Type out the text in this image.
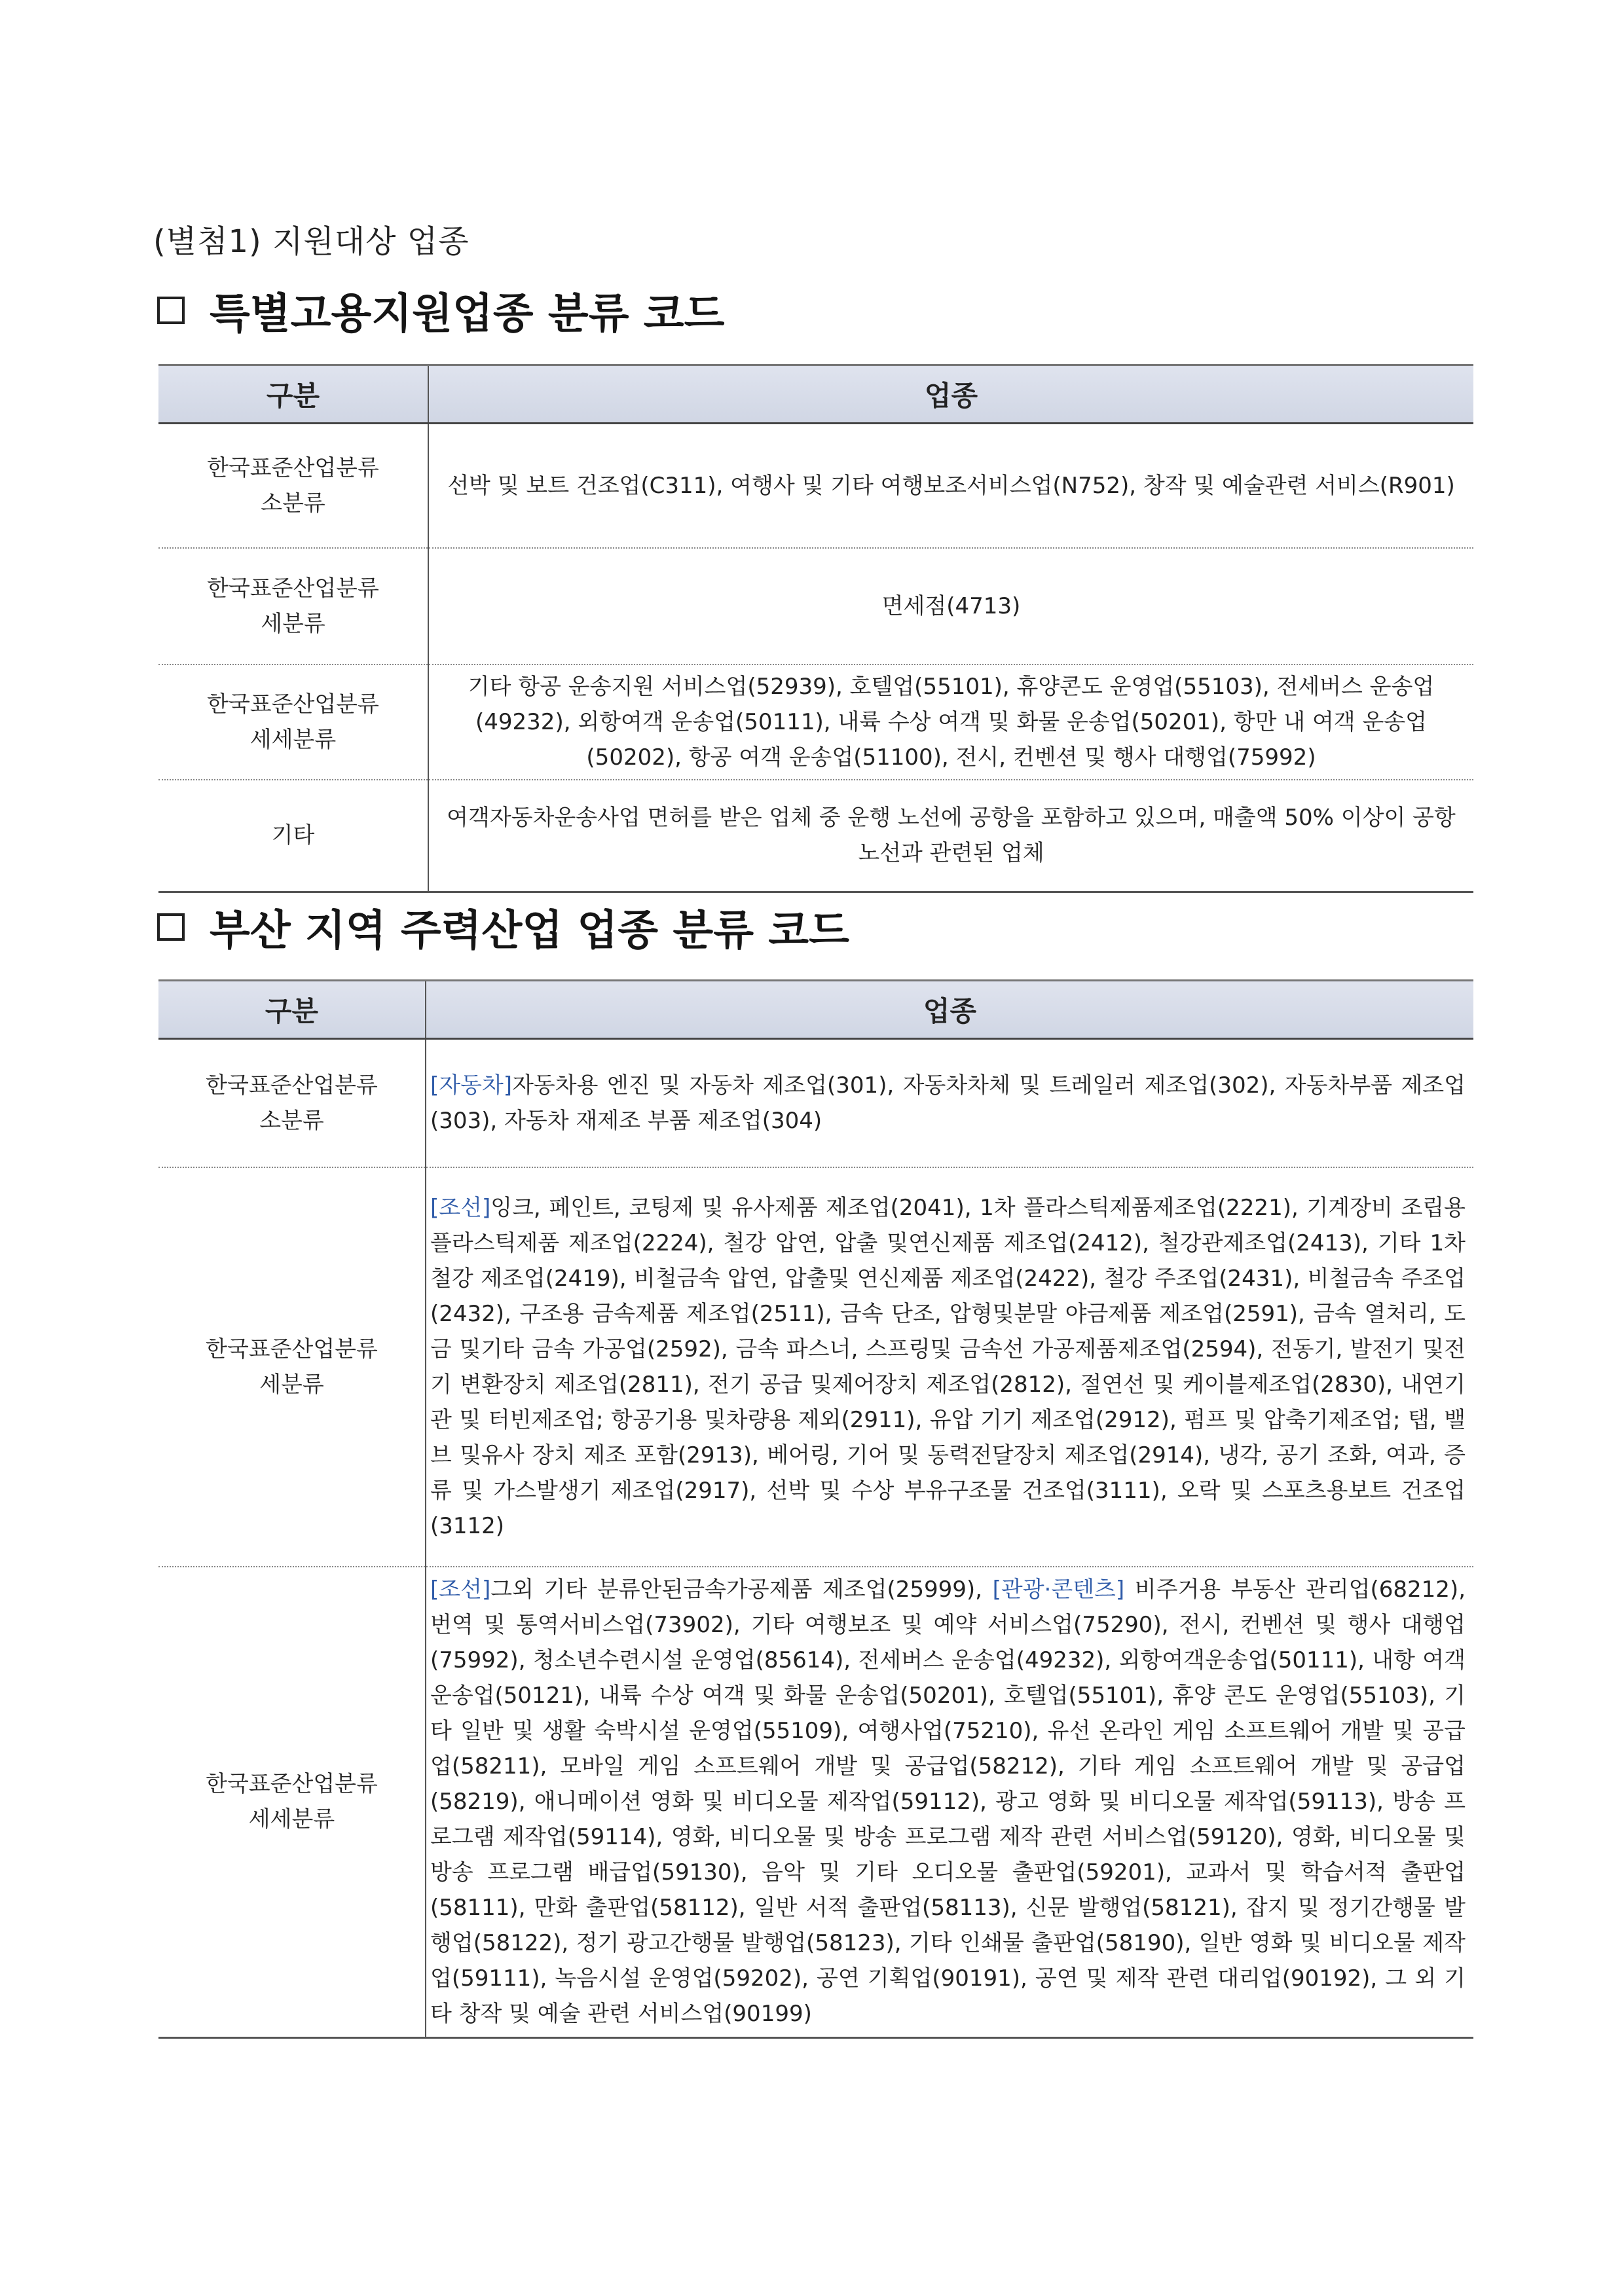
(별첨1) 지원대상 업종
특별고용지원업종 분류 코드
구분	업종
한국표준산업분류
소분류	선박 및 보트 건조업(C311), 여행사 및 기타 여행보조서비스업(N752), 창작 및 예술관련 서비스(R901)
한국표준산업분류
세분류	면세점(4713)
한국표준산업분류
세세분류	기타 항공 운송지원 서비스업(52939), 호텔업(55101), 휴양콘도 운영업(55103), 전세버스 운송업(49232), 외항여객 운송업(50111), 내륙 수상 여객 및 화물 운송업(50201), 항만 내 여객 운송업(50202), 항공 여객 운송업(51100), 전시, 컨벤션 및 행사 대행업(75992)
기타	여객자동차운송사업 면허를 받은 업체 중 운행 노선에 공항을 포함하고 있으며, 매출액 50% 이상이 공항 노선과 관련된 업체
부산 지역 주력산업 업종 분류 코드
구분	업종
한국표준산업분류
소분류	[자동차]자동차용 엔진 및 자동차 제조업(301), 자동차차체 및 트레일러 제조업(302), 자동차부품 제조업(303), 자동차 재제조 부품 제조업(304)
한국표준산업분류
세분류	[조선]잉크, 페인트, 코팅제 및 유사제품 제조업(2041), 1차 플라스틱제품제조업(2221), 기계장비 조립용플라스틱제품 제조업(2224), 철강 압연, 압출 및연신제품 제조업(2412), 철강관제조업(2413), 기타 1차 철강 제조업(2419), 비철금속 압연, 압출및 연신제품 제조업(2422), 철강 주조업(2431), 비철금속 주조업(2432), 구조용 금속제품 제조업(2511), 금속 단조, 압형및분말 야금제품 제조업(2591), 금속 열처리, 도금 및기타 금속 가공업(2592), 금속 파스너, 스프링및 금속선 가공제품제조업(2594), 전동기, 발전기 및전기 변환장치 제조업(2811), 전기 공급 및제어장치 제조업(2812), 절연선 및 케이블제조업(2830), 내연기관 및 터빈제조업; 항공기용 및차량용 제외(2911), 유압 기기 제조업(2912), 펌프 및 압축기제조업; 탭, 밸브 및유사 장치 제조 포함(2913), 베어링, 기어 및 동력전달장치 제조업(2914), 냉각, 공기 조화, 여과, 증류 및 가스발생기 제조업(2917), 선박 및 수상 부유구조물 건조업(3111), 오락 및 스포츠용보트 건조업(3112)
한국표준산업분류
세세분류	[조선]그외 기타 분류안된금속가공제품 제조업(25999), [관광·콘텐츠] 비주거용 부동산 관리업(68212), 번역 및 통역서비스업(73902), 기타 여행보조 및 예약 서비스업(75290), 전시, 컨벤션 및 행사 대행업(75992), 청소년수련시설 운영업(85614), 전세버스 운송업(49232), 외항여객운송업(50111), 내항 여객 운송업(50121), 내륙 수상 여객 및 화물 운송업(50201), 호텔업(55101), 휴양 콘도 운영업(55103), 기타 일반 및 생활 숙박시설 운영업(55109), 여행사업(75210), 유선 온라인 게임 소프트웨어 개발 및 공급업(58211), 모바일 게임 소프트웨어 개발 및 공급업(58212), 기타 게임 소프트웨어 개발 및 공급업(58219), 애니메이션 영화 및 비디오물 제작업(59112), 광고 영화 및 비디오물 제작업(59113), 방송 프로그램 제작업(59114), 영화, 비디오물 및 방송 프로그램 제작 관련 서비스업(59120), 영화, 비디오물 및 방송 프로그램 배급업(59130), 음악 및 기타 오디오물 출판업(59201), 교과서 및 학습서적 출판업(58111), 만화 출판업(58112), 일반 서적 출판업(58113), 신문 발행업(58121), 잡지 및 정기간행물 발행업(58122), 정기 광고간행물 발행업(58123), 기타 인쇄물 출판업(58190), 일반 영화 및 비디오물 제작업(59111), 녹음시설 운영업(59202), 공연 기획업(90191), 공연 및 제작 관련 대리업(90192), 그 외 기타 창작 및 예술 관련 서비스업(90199)
